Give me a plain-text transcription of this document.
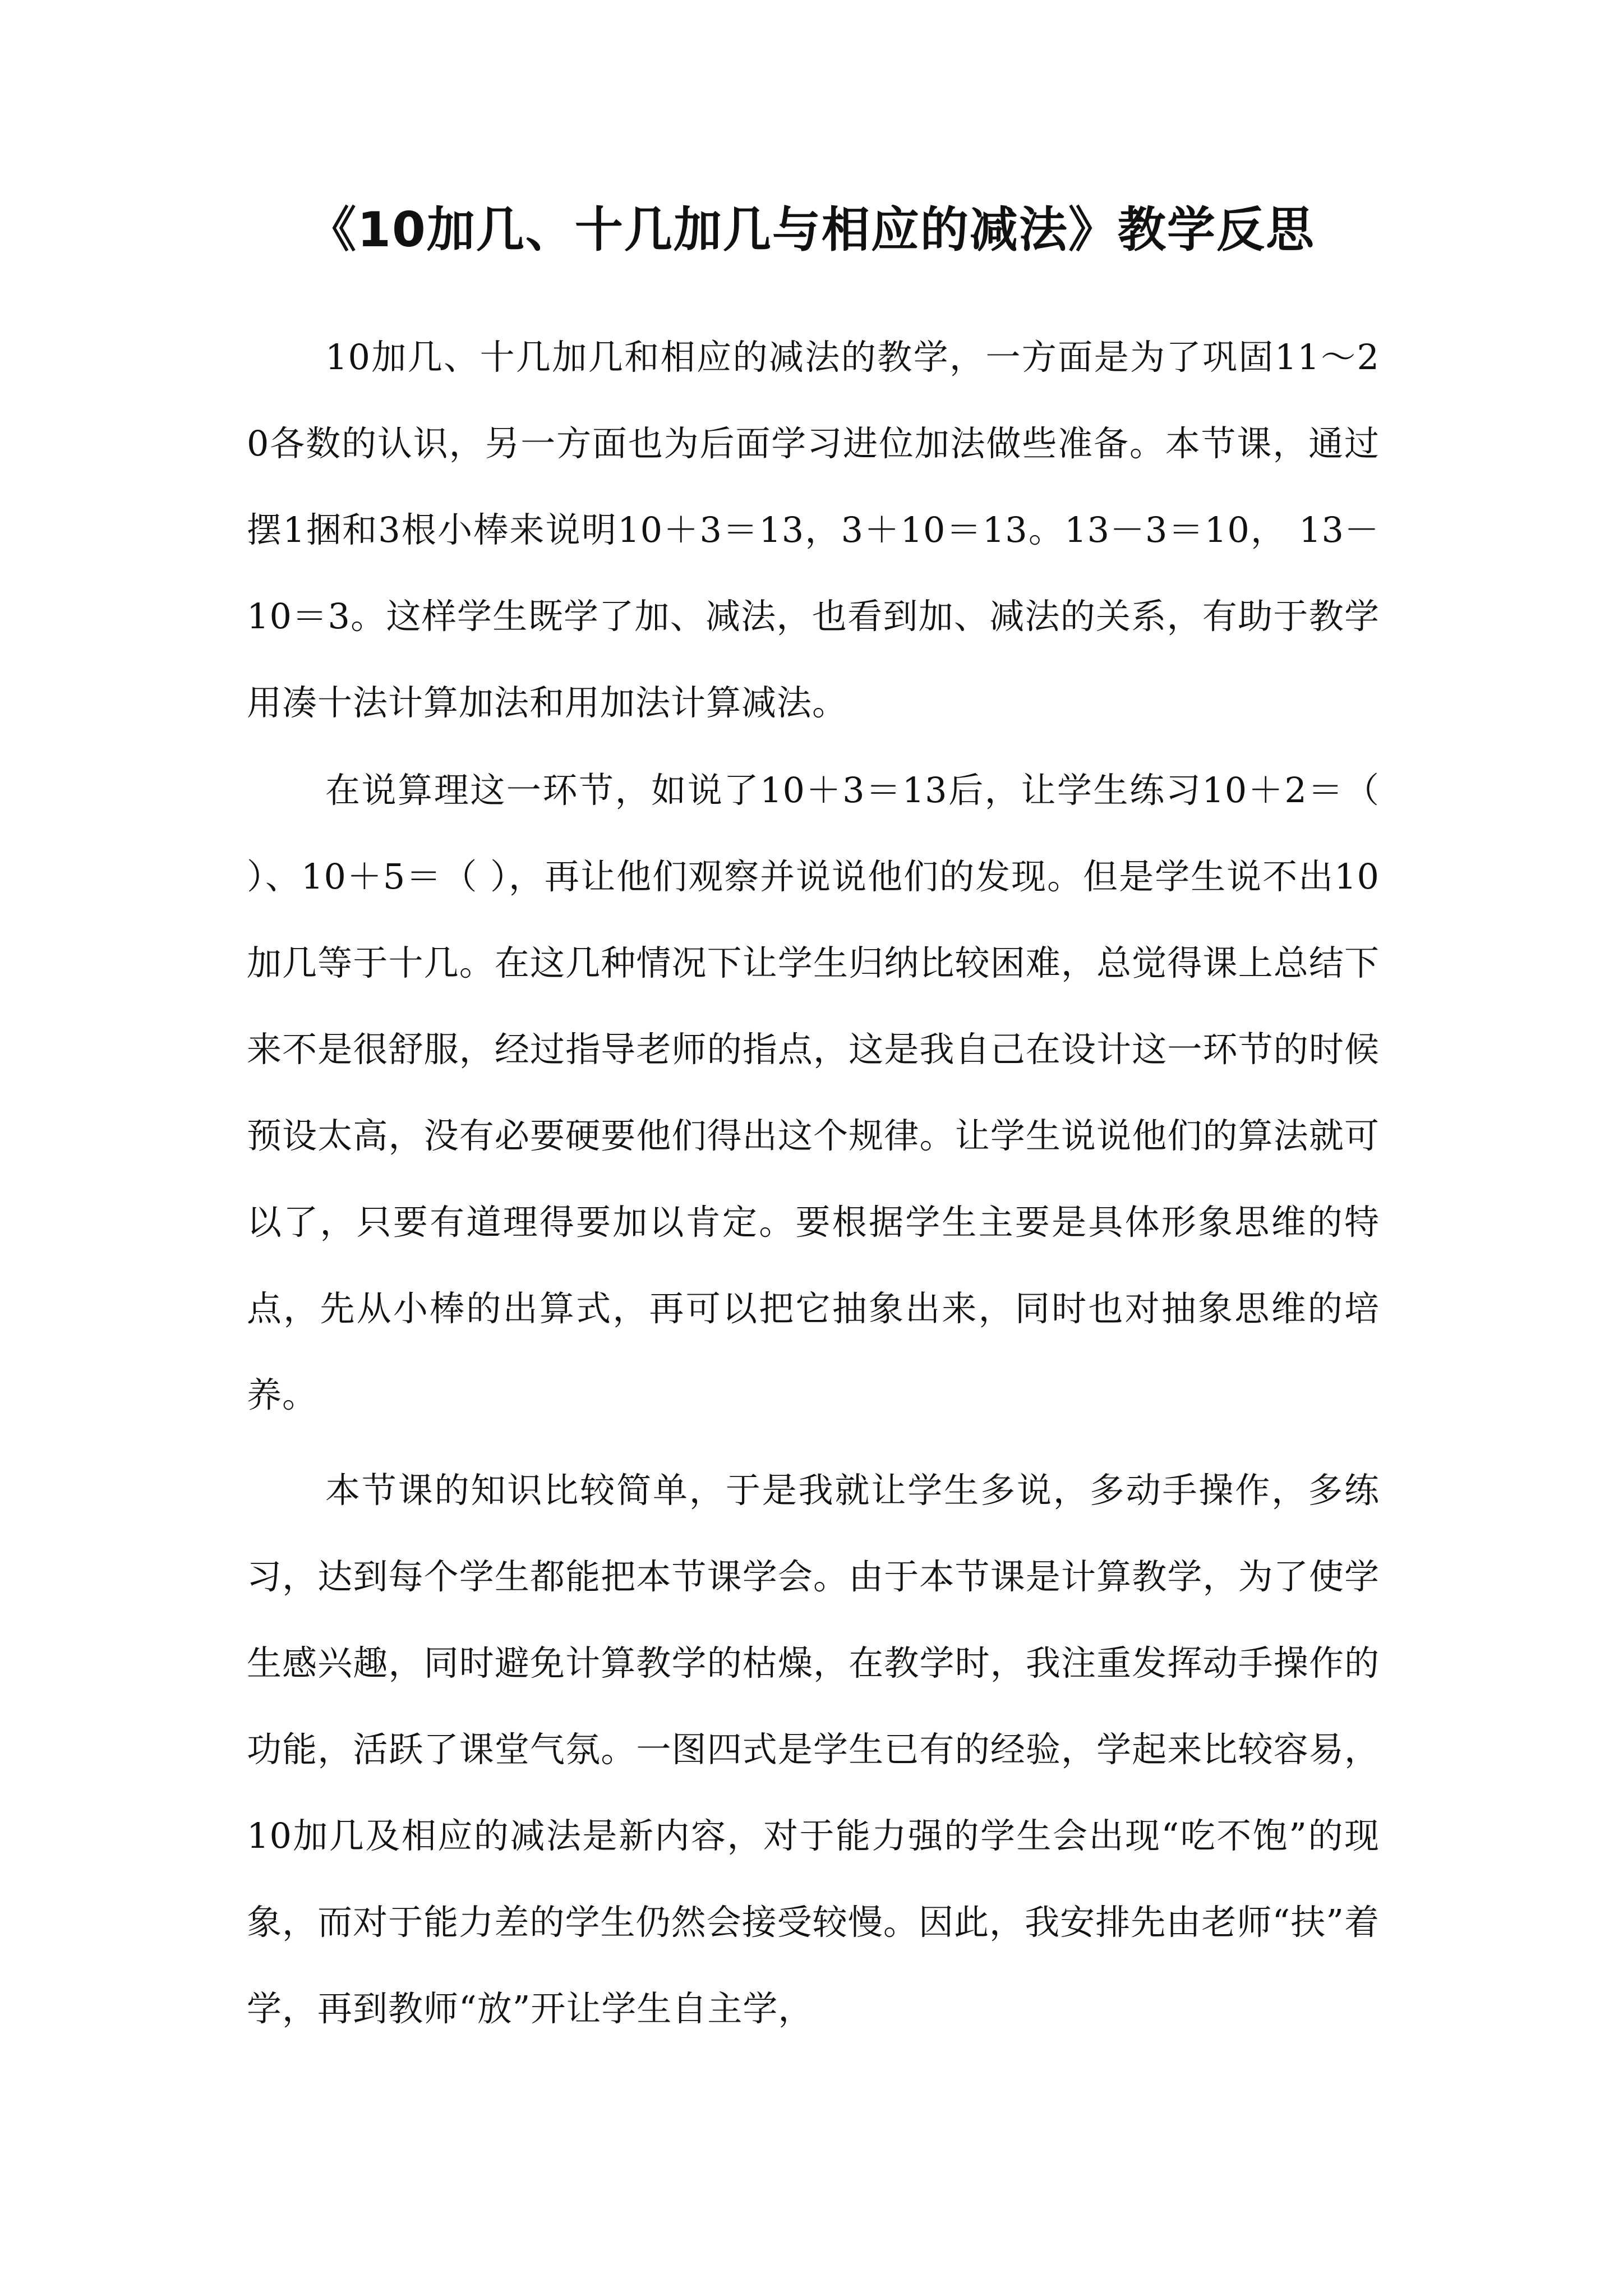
《10加几、十几加几与相应的减法》教学反思

10加几、十几加几和相应的减法的教学，一方面是为了巩固11～20各数的认识，另一方面也为后面学习进位加法做些准备。本节课，通过摆1捆和3根小棒来说明10＋3＝13，3＋10＝13。13－3＝10， 13－10＝3。这样学生既学了加、减法，也看到加、减法的关系，有助于教学用凑十法计算加法和用加法计算减法。

在说算理这一环节，如说了10＋3＝13后，让学生练习10＋2＝（ ）、10＋5＝（ ），再让他们观察并说说他们的发现。但是学生说不出10加几等于十几。在这几种情况下让学生归纳比较困难，总觉得课上总结下来不是很舒服，经过指导老师的指点，这是我自己在设计这一环节的时候预设太高，没有必要硬要他们得出这个规律。让学生说说他们的算法就可以了，只要有道理得要加以肯定。要根据学生主要是具体形象思维的特点，先从小棒的出算式，再可以把它抽象出来，同时也对抽象思维的培养。

本节课的知识比较简单，于是我就让学生多说，多动手操作，多练习，达到每个学生都能把本节课学会。由于本节课是计算教学，为了使学生感兴趣，同时避免计算教学的枯燥，在教学时，我注重发挥动手操作的功能，活跃了课堂气氛。一图四式是学生已有的经验，学起来比较容易，10加几及相应的减法是新内容，对于能力强的学生会出现“吃不饱”的现象，而对于能力差的学生仍然会接受较慢。因此，我安排先由老师“扶”着学，再到教师“放”开让学生自主学，
